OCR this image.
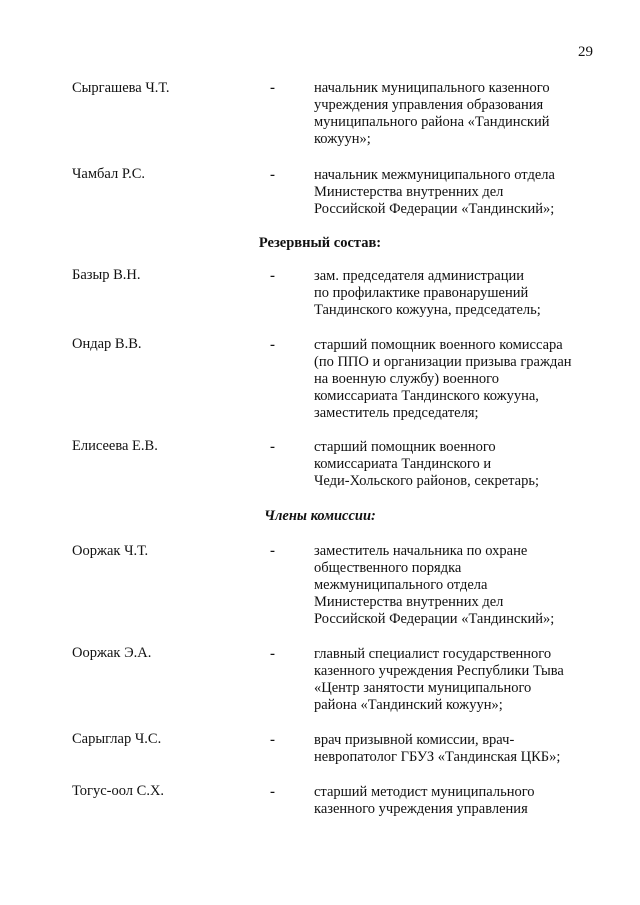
29
Сыргашева Ч.Т.	-	начальник муниципального казенного
учреждения управления образования
муниципального района «Тандинский
кожуун»;
Чамбал Р.С.	-	начальник межмуниципального отдела
Министерства внутренних дел
Российской Федерации «Тандинский»;
Резервный состав:
Базыр В.Н.	-	зам. председателя администрации
по профилактике правонарушений
Тандинского кожууна, председатель;
Ондар В.В.	-	старший помощник военного комиссара
(по ППО и организации призыва граждан
на военную службу) военного
комиссариата Тандинского кожууна,
заместитель председателя;
Елисеева Е.В.	-	старший помощник военного
комиссариата Тандинского и
Чеди-Хольского районов, секретарь;
Члены комиссии:
Ооржак Ч.Т.	-	заместитель начальника по охране
общественного порядка
межмуниципального отдела
Министерства внутренних дел
Российской Федерации «Тандинский»;
Ооржак Э.А.	-	главный специалист государственного
казенного учреждения Республики Тыва
«Центр занятости муниципального
района «Тандинский кожуун»;
Сарыглар Ч.С.	-	врач призывной комиссии, врач-
невропатолог ГБУЗ «Тандинская ЦКБ»;
Тогус-оол С.Х.	-	старший методист муниципального
казенного учреждения управления
